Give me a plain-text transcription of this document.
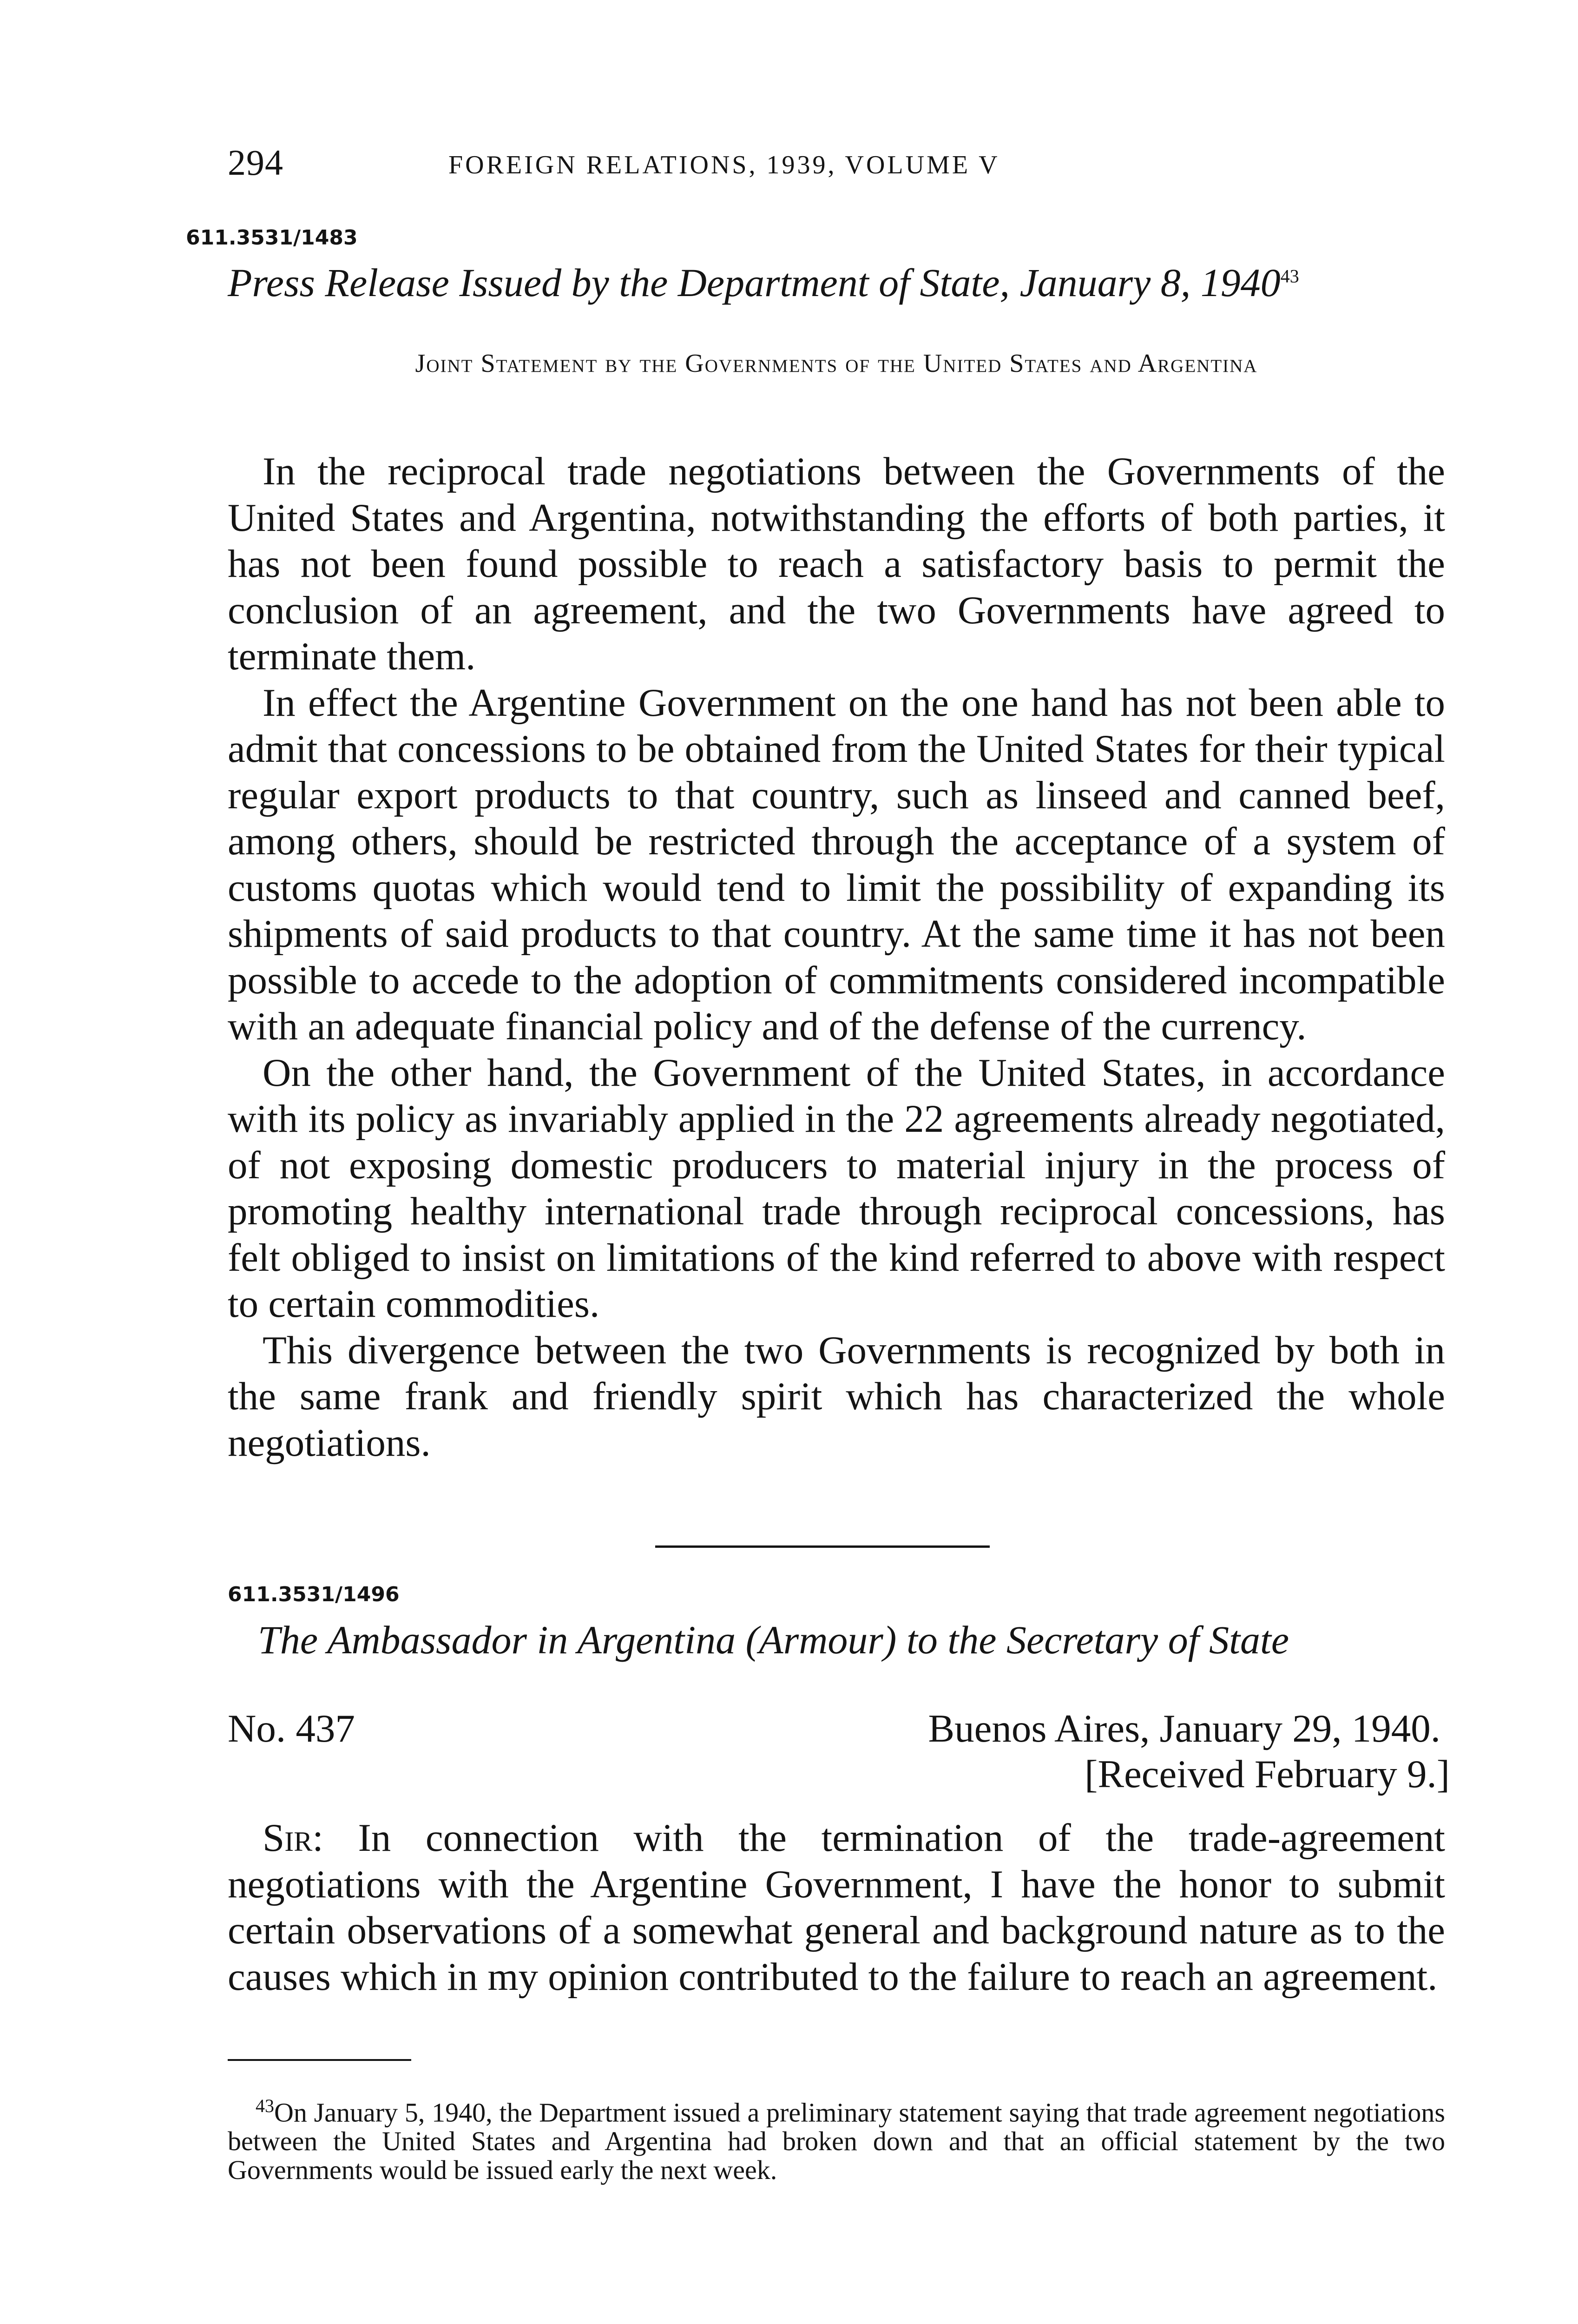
294	FOREIGN RELATIONS, 1939, VOLUME V
611.3531/1483
Press Release Issued by the Department of State, January 8, 1940$^{43}$
Joint Statement by the Governments of the United States and Argentina

In the reciprocal trade negotiations between the Governments of the United States and Argentina, notwithstanding the efforts of both parties, it has not been found possible to reach a satisfactory basis to permit the conclusion of an agreement, and the two Governments have agreed to terminate them.

In effect the Argentine Government on the one hand has not been able to admit that concessions to be obtained from the United States for their typical regular export products to that country, such as linseed and canned beef, among others, should be restricted through the acceptance of a system of customs quotas which would tend to limit the possibility of expanding its shipments of said products to that country. At the same time it has not been possible to accede to the adoption of commitments considered incompatible with an adequate financial policy and of the defense of the currency.

On the other hand, the Government of the United States, in accordance with its policy as invariably applied in the 22 agreements already negotiated, of not exposing domestic producers to material injury in the process of promoting healthy international trade through reciprocal concessions, has felt obliged to insist on limitations of the kind referred to above with respect to certain commodities.

This divergence between the two Governments is recognized by both in the same frank and friendly spirit which has characterized the whole negotiations.

611.3531/1496
The Ambassador in Argentina (Armour) to the Secretary of State
No. 437	Buenos Aires, January 29, 1940.
[Received February 9.]

Sir: In connection with the termination of the trade-agreement negotiations with the Argentine Government, I have the honor to submit certain observations of a somewhat general and background nature as to the causes which in my opinion contributed to the failure to reach an agreement.

$^{43}$On January 5, 1940, the Department issued a preliminary statement saying that trade agreement negotiations between the United States and Argentina had broken down and that an official statement by the two Governments would be issued early the next week.
